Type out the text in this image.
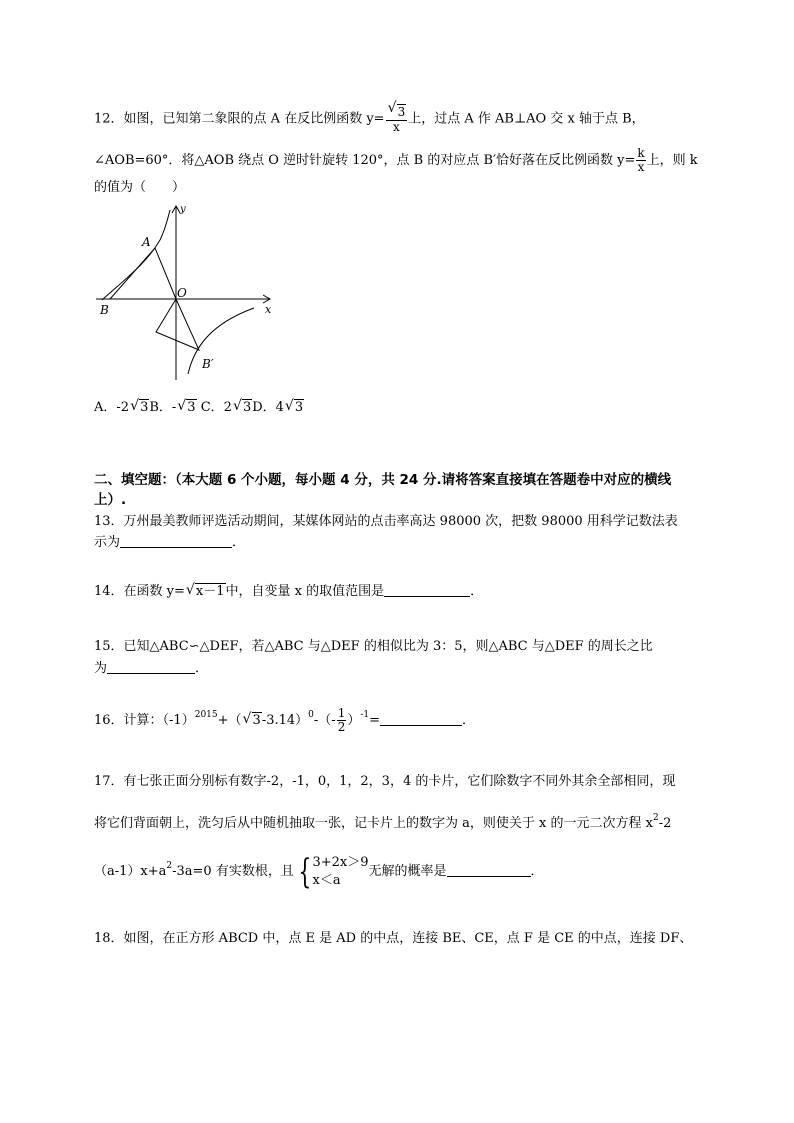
12．如图，已知第二象限的点 A 在反比例函数 y=
√ $\frac{3}{x}$ 上，过点 A 作 AB⊥AO 交 x 轴于点 B，
∠AOB=60°．将△AOB 绕点 O 逆时针旋转 120°，点 B 的对应点 B′恰好落在反比例函数 $y= \frac{k}{x}$ 上，则 k
的值为（　　）
y
A
O
B	x
B′
A．-2√ 3B．-√ 3 C．2√ 3D．4√ 3
二、填空题：（本大题 6 个小题，每小题 4 分，共 24 分.请将答案直接填在答题卷中对应的横线
上）.
13．万州最美教师评选活动期间，某媒体网站的点击率高达 98000 次，把数 98000 用科学记数法表
示为	．
14．在函数 y=√ x－1中，自变量 x 的取值范围是	．
15．已知△ABC∽△DEF，若△ABC 与△DEF 的相似比为 3：5，则△ABC 与△DEF 的周长之比
为	．
16．计算：$(-1)^{2015}+(√$ $3-3.14)^0-(- \frac{1}{2} )^{-1}=$	．
17．有七张正面分别标有数字-2，-1，0，1，2，3，4 的卡片，它们除数字不同外其余全部相同，现
将它们背面朝上，洗匀后从中随机抽取一张，记卡片上的数字为 a，则使关于 x 的一元二次方程 $x^2-2$
$(a-1)x+a^2-3a=0$ 有实数根，且 { 3+2x＞9
x＜a
无解的概率是	．
18．如图，在正方形 ABCD 中，点 E 是 AD 的中点，连接 BE、CE，点 F 是 CE 的中点，连接 DF、
